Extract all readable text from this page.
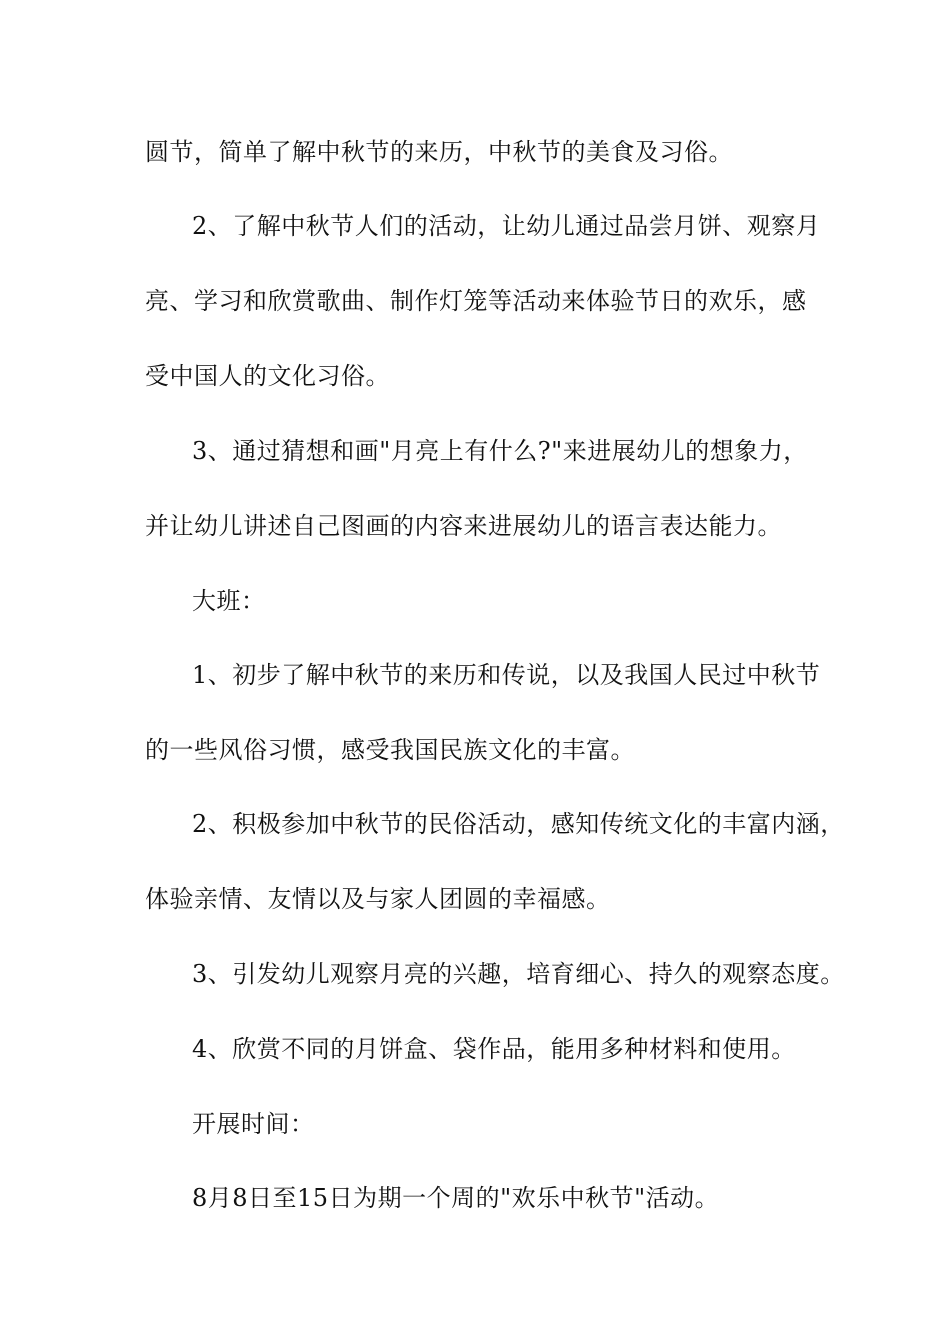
圆节，简单了解中秋节的来历，中秋节的美食及习俗。
2、了解中秋节人们的活动，让幼儿通过品尝月饼、观察月
亮、学习和欣赏歌曲、制作灯笼等活动来体验节日的欢乐，感
受中国人的文化习俗。
3、通过猜想和画"月亮上有什么?"来进展幼儿的想象力，
并让幼儿讲述自己图画的内容来进展幼儿的语言表达能力。
大班：
1、初步了解中秋节的来历和传说，以及我国人民过中秋节
的一些风俗习惯，感受我国民族文化的丰富。
2、积极参加中秋节的民俗活动，感知传统文化的丰富内涵，
体验亲情、友情以及与家人团圆的幸福感。
3、引发幼儿观察月亮的兴趣，培育细心、持久的观察态度。
4、欣赏不同的月饼盒、袋作品，能用多种材料和使用。
开展时间：
8月8日至15日为期一个周的"欢乐中秋节"活动。
